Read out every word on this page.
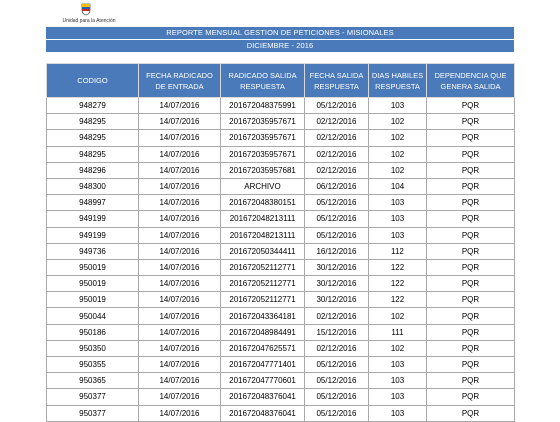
Unidad para la Atención
REPORTE MENSUAL GESTION DE PETICIONES - MISIONALES
DICIEMBRE - 2016
CODIGO	FECHA RADICADO DE ENTRADA	RADICADO SALIDA RESPUESTA	FECHA SALIDA RESPUESTA	DIAS HABILES RESPUESTA	DEPENDENCIA QUE GENERA SALIDA
948279	14/07/2016	201672048375991	05/12/2016	103	PQR
948295	14/07/2016	201672035957671	02/12/2016	102	PQR
948295	14/07/2016	201672035957671	02/12/2016	102	PQR
948295	14/07/2016	201672035957671	02/12/2016	102	PQR
948296	14/07/2016	201672035957681	02/12/2016	102	PQR
948300	14/07/2016	ARCHIVO	06/12/2016	104	PQR
948997	14/07/2016	201672048380151	05/12/2016	103	PQR
949199	14/07/2016	201672048213111	05/12/2016	103	PQR
949199	14/07/2016	201672048213111	05/12/2016	103	PQR
949736	14/07/2016	201672050344411	16/12/2016	112	PQR
950019	14/07/2016	201672052112771	30/12/2016	122	PQR
950019	14/07/2016	201672052112771	30/12/2016	122	PQR
950019	14/07/2016	201672052112771	30/12/2016	122	PQR
950044	14/07/2016	201672043364181	02/12/2016	102	PQR
950186	14/07/2016	201672048984491	15/12/2016	111	PQR
950350	14/07/2016	201672047625571	02/12/2016	102	PQR
950355	14/07/2016	201672047771401	05/12/2016	103	PQR
950365	14/07/2016	201672047770601	05/12/2016	103	PQR
950377	14/07/2016	201672048376041	05/12/2016	103	PQR
950377	14/07/2016	201672048376041	05/12/2016	103	PQR
